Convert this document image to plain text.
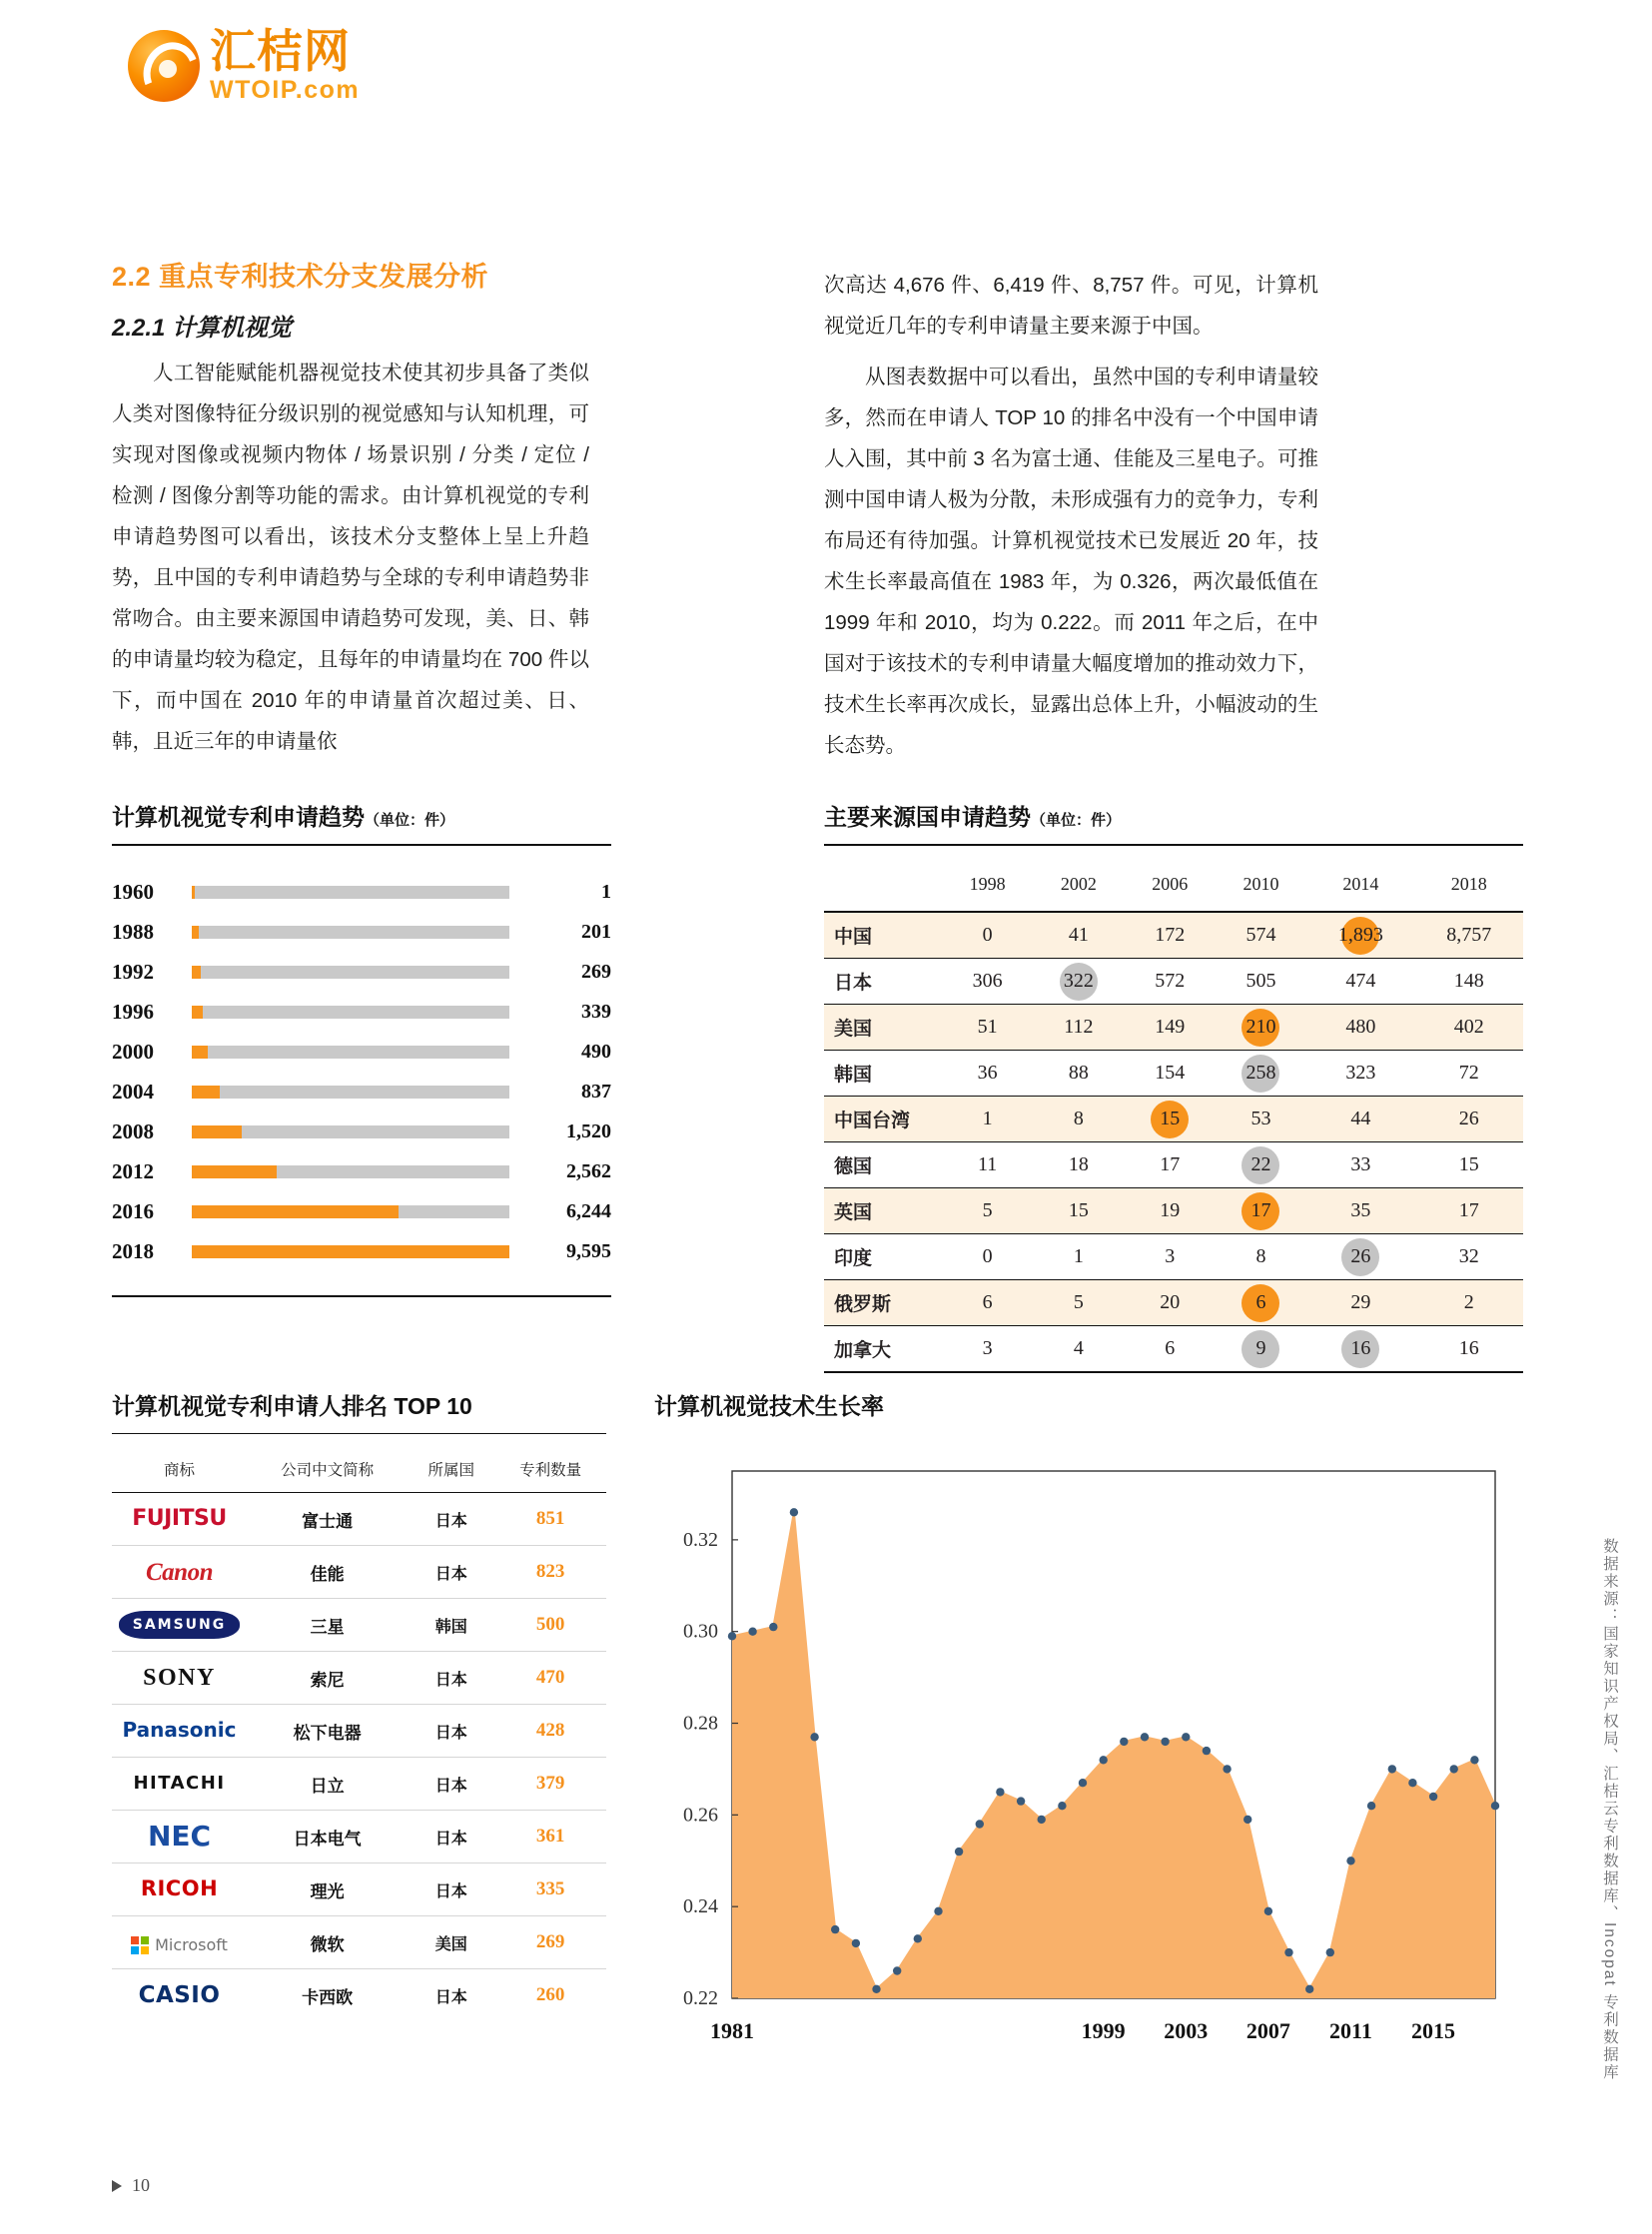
汇桔网
WTOIP.com
2.2 重点专利技术分支发展分析
2.2.1 计算机视觉

人工智能赋能机器视觉技术使其初步具备了类似人类对图像特征分级识别的视觉感知与认知机理，可实现对图像或视频内物体 / 场景识别 / 分类 / 定位 / 检测 / 图像分割等功能的需求。由计算机视觉的专利申请趋势图可以看出，该技术分支整体上呈上升趋势，且中国的专利申请趋势与全球的专利申请趋势非常吻合。由主要来源国申请趋势可发现，美、日、韩的申请量均较为稳定，且每年的申请量均在 700 件以下，而中国在 2010 年的申请量首次超过美、日、韩，且近三年的申请量依

次高达 4,676 件、6,419 件、8,757 件。可见，计算机视觉近几年的专利申请量主要来源于中国。

从图表数据中可以看出，虽然中国的专利申请量较多，然而在申请人 TOP 10 的排名中没有一个中国申请人入围，其中前 3 名为富士通、佳能及三星电子。可推测中国申请人极为分散，未形成强有力的竞争力，专利布局还有待加强。计算机视觉技术已发展近 20 年，技术生长率最高值在 1983 年，为 0.326，两次最低值在 1999 年和 2010，均为 0.222。而 2011 年之后，在中国对于该技术的专利申请量大幅度增加的推动效力下，技术生长率再次成长，显露出总体上升，小幅波动的生长态势。

计算机视觉专利申请趋势（单位：件）
1960	1
1988	201
1992	269
1996	339
2000	490
2004	837
2008	1,520
2012	2,562
2016	6,244
2018	9,595
主要来源国申请趋势（单位：件）
	1998	2002	2006	2010	2014	2018
中国	0	41	172	574	1,893	8,757
日本	306	322	572	505	474	148
美国	51	112	149	210	480	402
韩国	36	88	154	258	323	72
中国台湾	1	8	15	53	44	26
德国	11	18	17	22	33	15
英国	5	15	19	17	35	17
印度	0	1	3	8	26	32
俄罗斯	6	5	20	6	29	2
加拿大	3	4	6	9	16	16
计算机视觉专利申请人排名 TOP 10
商标	公司中文简称	所属国	专利数量
FUJITSU	富士通	日本	851
Canon	佳能	日本	823
SAMSUNG	三星	韩国	500
SONY	索尼	日本	470
Panasonic	松下电器	日本	428
HITACHI	日立	日本	379
NEC	日本电气	日本	361
RICOH	理光	日本	335

Microsoft	微软	美国	269
CASIO	卡西欧	日本	260
计算机视觉技术生长率
0.22
0.24
0.26
0.28
0.30
0.32
1981	1999 2003 2007 2011 2015	数据来源：国家知识产权局、汇桔云专利数据库、Incopat 专利数据库
10
